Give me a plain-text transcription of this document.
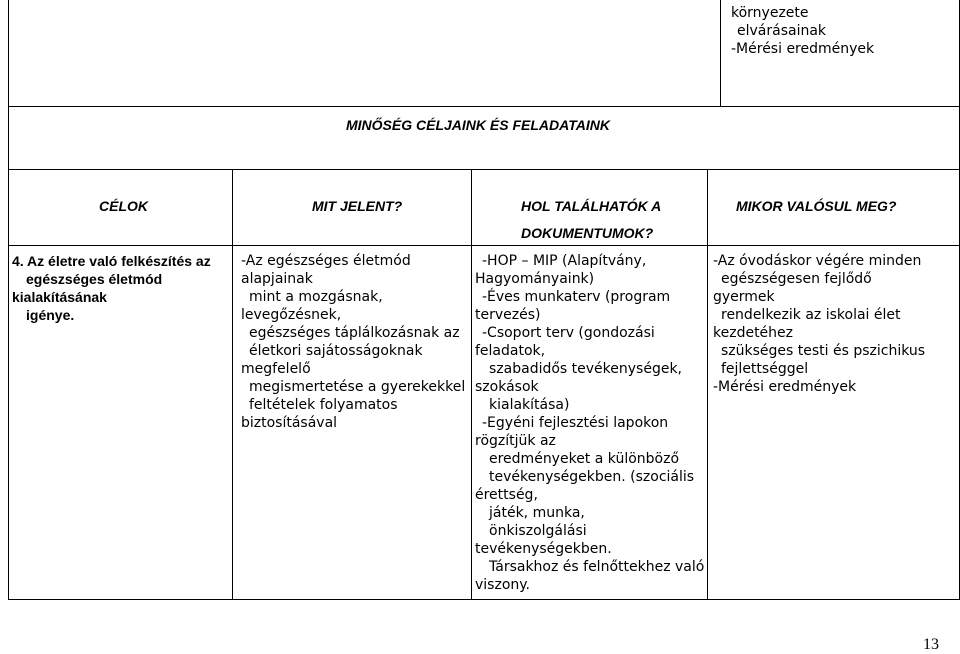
környezete
elvárásainak
-Mérési eredmények
MINŐSÉG CÉLJAINK ÉS FELADATAINK
CÉLOK	MIT JELENT?	HOL TALÁLHATÓK A
DOKUMENTUMOK?
MIKOR VALÓSUL MEG?
4. Az életre való felkészítés az
egészséges életmód
kialakításának
igénye.
-Az egészséges életmód
alapjainak
mint a mozgásnak,
levegőzésnek,
egészséges táplálkozásnak az
életkori sajátosságoknak
megfelelő
megismertetése a gyerekekkel
feltételek folyamatos
biztosításával
-HOP – MIP (Alapítvány,
Hagyományaink)
-Éves munkaterv (program
tervezés)
-Csoport terv (gondozási
feladatok,
szabadidős tevékenységek,
szokások
kialakítása)
-Egyéni fejlesztési lapokon
rögzítjük az
eredményeket a különböző
tevékenységekben. (szociális
érettség,
játék, munka,
önkiszolgálási
tevékenységekben.
Társakhoz és felnőttekhez való
viszony.
-Az óvodáskor végére minden
egészségesen fejlődő
gyermek
rendelkezik az iskolai élet
kezdetéhez
szükséges testi és pszichikus
fejlettséggel
-Mérési eredmények
13
